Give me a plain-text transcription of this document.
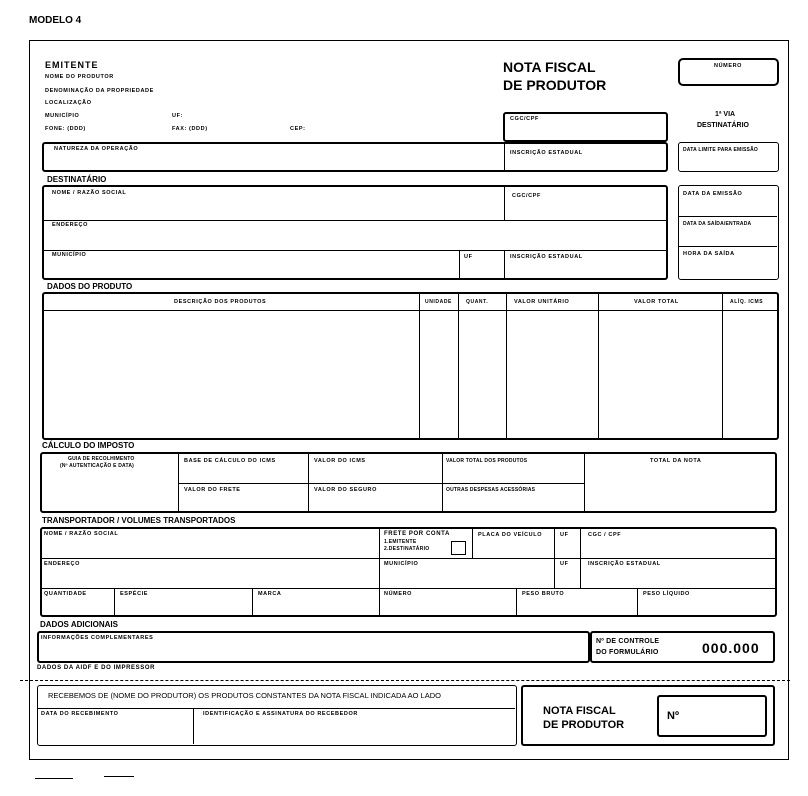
MODELO 4
EMITENTE
NOME DO PRODUTOR
DENOMINAÇÃO DA PROPRIEDADE
LOCALIZAÇÃO
MUNICÍPIO	UF:
FONE: (DDD)	FAX: (DDD)	CEP:
NOTA FISCAL
DE PRODUTOR
NÚMERO
CGC/CPF
1ª VIA
DESTINATÁRIO
NATUREZA DA OPERAÇÃO
INSCRIÇÃO ESTADUAL	DATA LIMITE PARA EMISSÃO
DESTINATÁRIO
NOME / RAZÃO SOCIAL	CGC/CPF
ENDEREÇO
MUNICÍPIO	UF	INSCRIÇÃO ESTADUAL
DATA DA EMISSÃO
DATA DA SAÍDA/ENTRADA
HORA DA SAÍDA
DADOS DO PRODUTO
DESCRIÇÃO DOS PRODUTOS	UNIDADE	QUANT.	VALOR UNITÁRIO	VALOR TOTAL	ALÍQ. ICMS
CÁLCULO DO IMPOSTO
GUIA DE RECOLHIMENTO
(Nº AUTENTICAÇÃO E DATA)
BASE DE CÁLCULO DO ICMS	VALOR DO ICMS	VALOR TOTAL DOS PRODUTOS	TOTAL DA NOTA
VALOR DO FRETE	VALOR DO SEGURO	OUTRAS DESPESAS ACESSÓRIAS
TRANSPORTADOR / VOLUMES TRANSPORTADOS
NOME / RAZÃO SOCIAL	FRETE POR CONTA
1.EMITENTE
2.DESTINATÁRIO
PLACA DO VEÍCULO	UF	CGC / CPF
ENDEREÇO	MUNICÍPIO	UF	INSCRIÇÃO ESTADUAL
QUANTIDADE	ESPÉCIE	MARCA	NÚMERO	PESO BRUTO	PESO LÍQUIDO
DADOS ADICIONAIS
INFORMAÇÕES COMPLEMENTARES	Nº DE CONTROLE
DO FORMULÁRIO	000.000
DADOS DA AIDF E DO IMPRESSOR
RECEBEMOS DE (NOME DO PRODUTOR) OS PRODUTOS CONSTANTES DA NOTA FISCAL INDICADA AO LADO
DATA DO RECEBIMENTO	IDENTIFICAÇÃO E ASSINATURA DO RECEBEDOR	NOTA FISCAL
DE PRODUTOR
Nº
